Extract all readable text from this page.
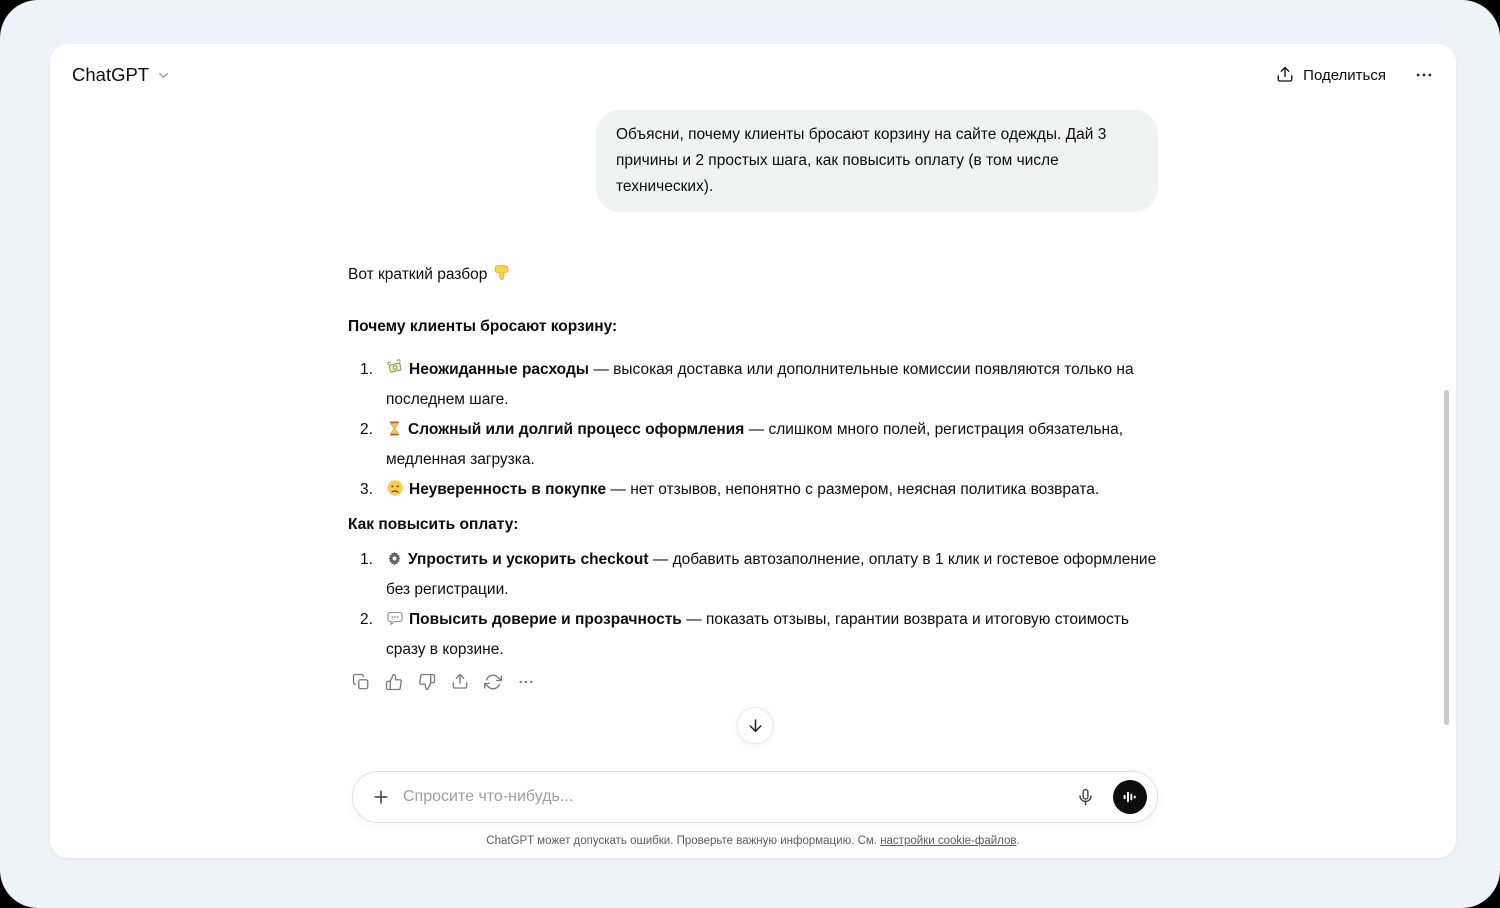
ChatGPT	Поделиться
Объясни, почему клиенты бросают корзину на сайте одежды. Дай 3 причины и 2 простых шага, как повысить оплату (в том числе технических).

Вот краткий разбор

Почему клиенты бросают корзину:

1.	Неожиданные расходы — высокая доставка или дополнительные комиссии появляются только на последнем шаге.
2.	Сложный или долгий процесс оформления — слишком много полей, регистрация обязательна, медленная загрузка.
3.	Неуверенность в покупке — нет отзывов, непонятно с размером, неясная политика возврата.

Как повысить оплату:

1.	Упростить и ускорить checkout — добавить автозаполнение, оплату в 1 клик и гостевое оформление без регистрации.
2.	Повысить доверие и прозрачность — показать отзывы, гарантии возврата и итоговую стоимость сразу в корзине.
Спросите что-нибудь...
ChatGPT может допускать ошибки. Проверьте важную информацию. См. настройки cookie-файлов.
